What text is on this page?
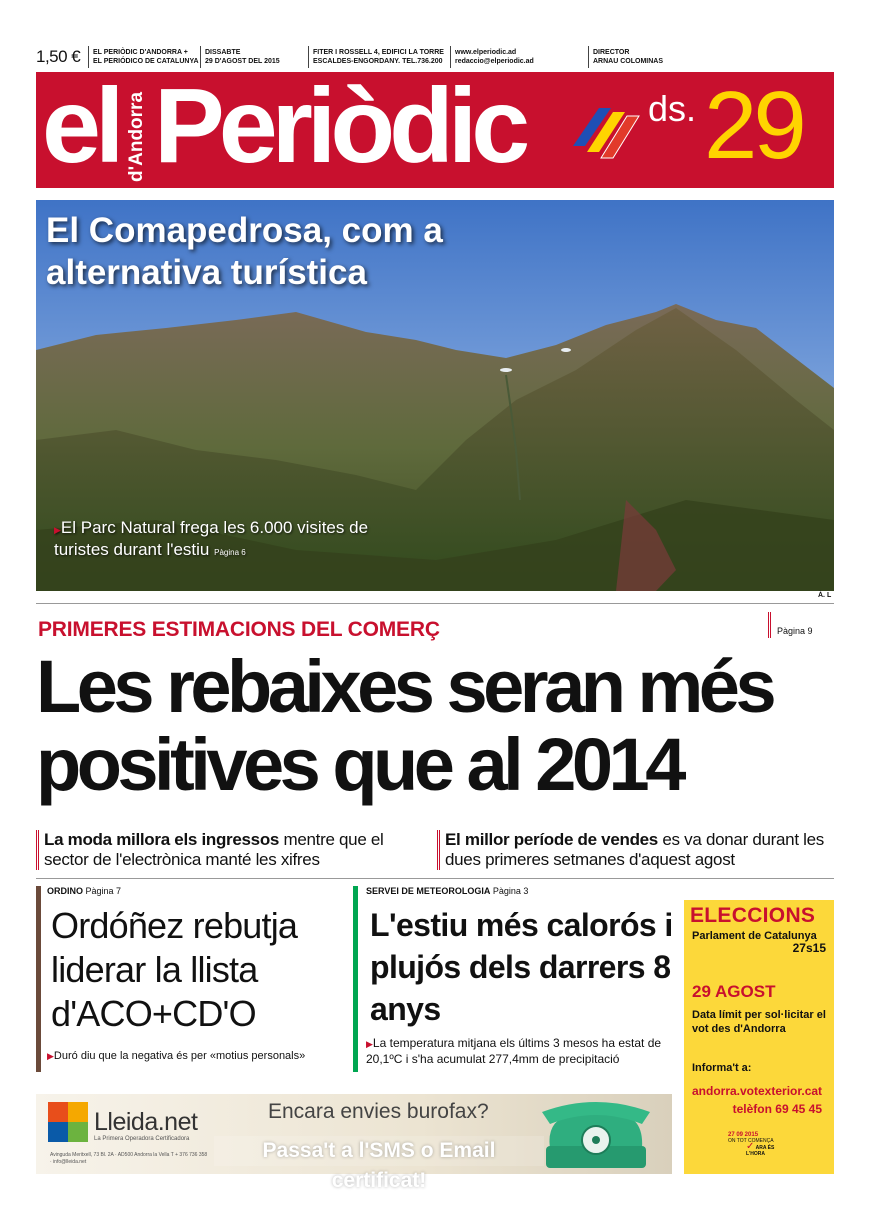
1,50 €	EL PERIÒDIC D'ANDORRA +
EL PERIÓDICO DE CATALUNYA
DISSABTE
29 D'AGOST DEL 2015
FITER I ROSSELL 4, EDIFICI LA TORRE
ESCALDES-ENGORDANY. TEL.736.200
www.elperiodic.ad
redaccio@elperiodic.ad
DIRECTOR
ARNAU COLOMINAS
el d'Andorra Periòdic	ds. 29
El Comapedrosa, com a alternativa turística
▶El Parc Natural frega les 6.000 visites de turistes durant l'estiu Pàgina 6
À. L
PRIMERES ESTIMACIONS DEL COMERÇ	Pàgina 9
Les rebaixes seran més positives que al 2014
La moda millora els ingressos mentre que el sector de l'electrònica manté les xifres
El millor període de vendes es va donar durant les dues primeres setmanes d'aquest agost
ORDINO Pàgina 7
Ordóñez rebutja liderar la llista d'ACO+CD'O
▶Duró diu que la negativa és per «motius personals»
SERVEI DE METEOROLOGIA Pàgina 3
L'estiu més calorós i plujós dels darrers 8 anys
▶La temperatura mitjana els últims 3 mesos ha estat de 20,1ºC i s'ha acumulat 277,4mm de precipitació
ELECCIONS
Parlament de Catalunya
27s15
29 AGOST
Data límit per sol·licitar el vot des d'Andorra
Informa't a:
andorra.votexterior.cat
telèfon 69 45 45
27 09 2015
ON TOT COMENÇA
✓ ARA ÉS L'HORA
Lleida.net
La Primera Operadora Certificadora
Avinguda Meritxell, 73 Bl. 2A · AD500 Andorra la Vella T + 376 736 358 · info@lleida.net
Encara envies burofax?
Passa't a l'SMS o Email certificat!
